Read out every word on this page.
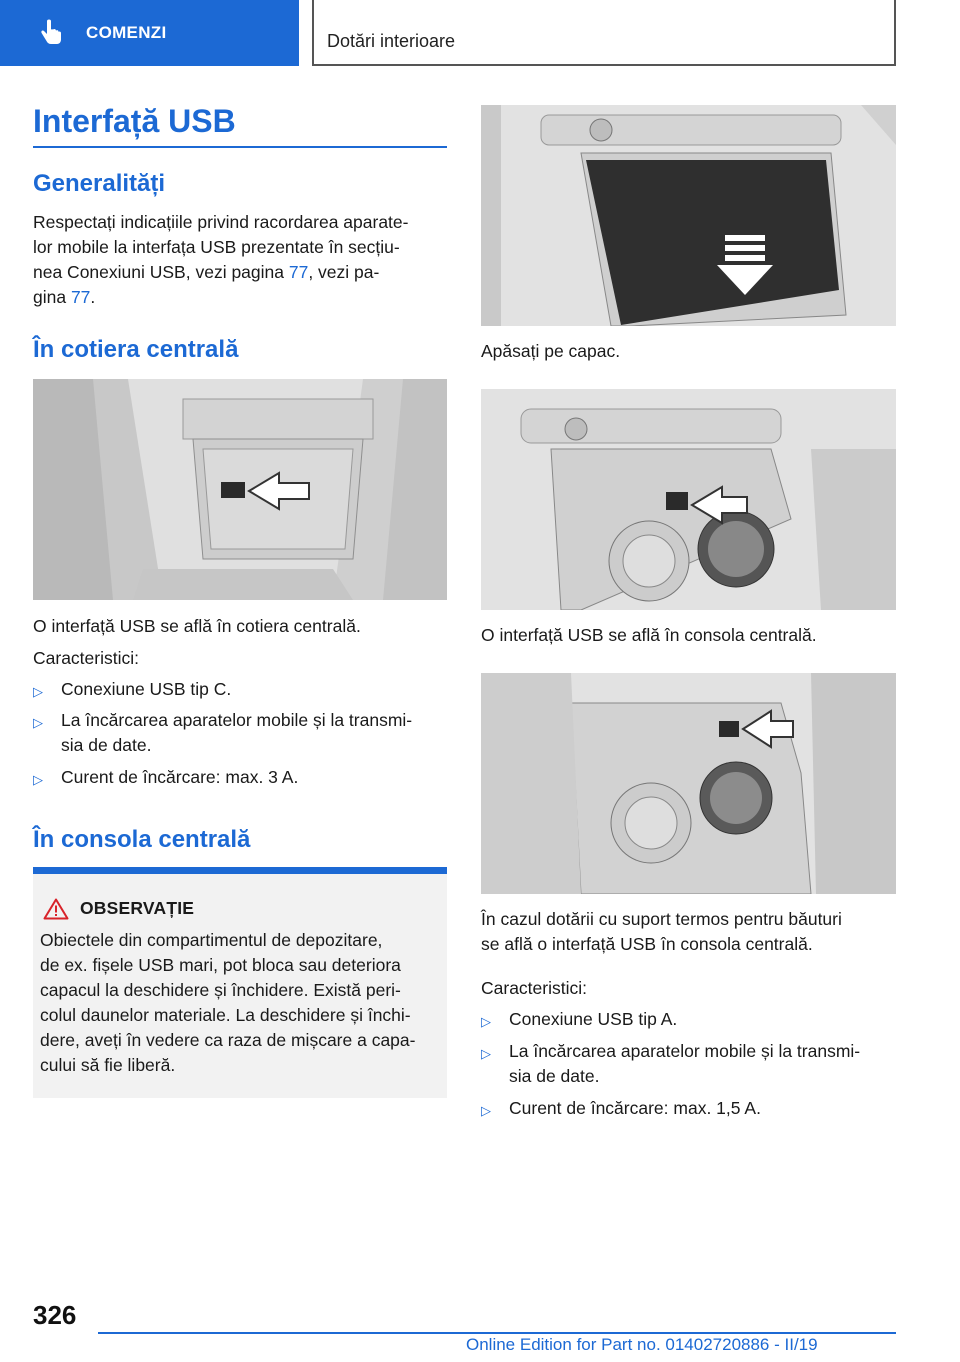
COMENZI	Dotări interioare
Interfață USB
Generalități
Respectați indicațiile privind racordarea aparate‐
lor mobile la interfața USB prezentate în secțiu‐
nea Conexiuni USB, vezi pagina 77, vezi pa‐
gina 77.
În cotiera centrală
O interfață USB se află în cotiera centrală.
Caracteristici:
▷ Conexiune USB tip C.
▷ La încărcarea aparatelor mobile și la transmi‐
sia de date.
▷ Curent de încărcare: max. 3 A.
În consola centrală
OBSERVAȚIE
Obiectele din compartimentul de depozitare,
de ex. fișele USB mari, pot bloca sau deteriora
capacul la deschidere și închidere. Există peri‐
colul daunelor materiale. La deschidere și închi‐
dere, aveți în vedere ca raza de mișcare a capa‐
cului să fie liberă.
Apăsați pe capac.
O interfață USB se află în consola centrală.
În cazul dotării cu suport termos pentru băuturi
se află o interfață USB în consola centrală.
Caracteristici:
▷ Conexiune USB tip A.
▷ La încărcarea aparatelor mobile și la transmi‐
sia de date.
▷ Curent de încărcare: max. 1,5 A.
326
Online Edition for Part no. 01402720886 - II/19
